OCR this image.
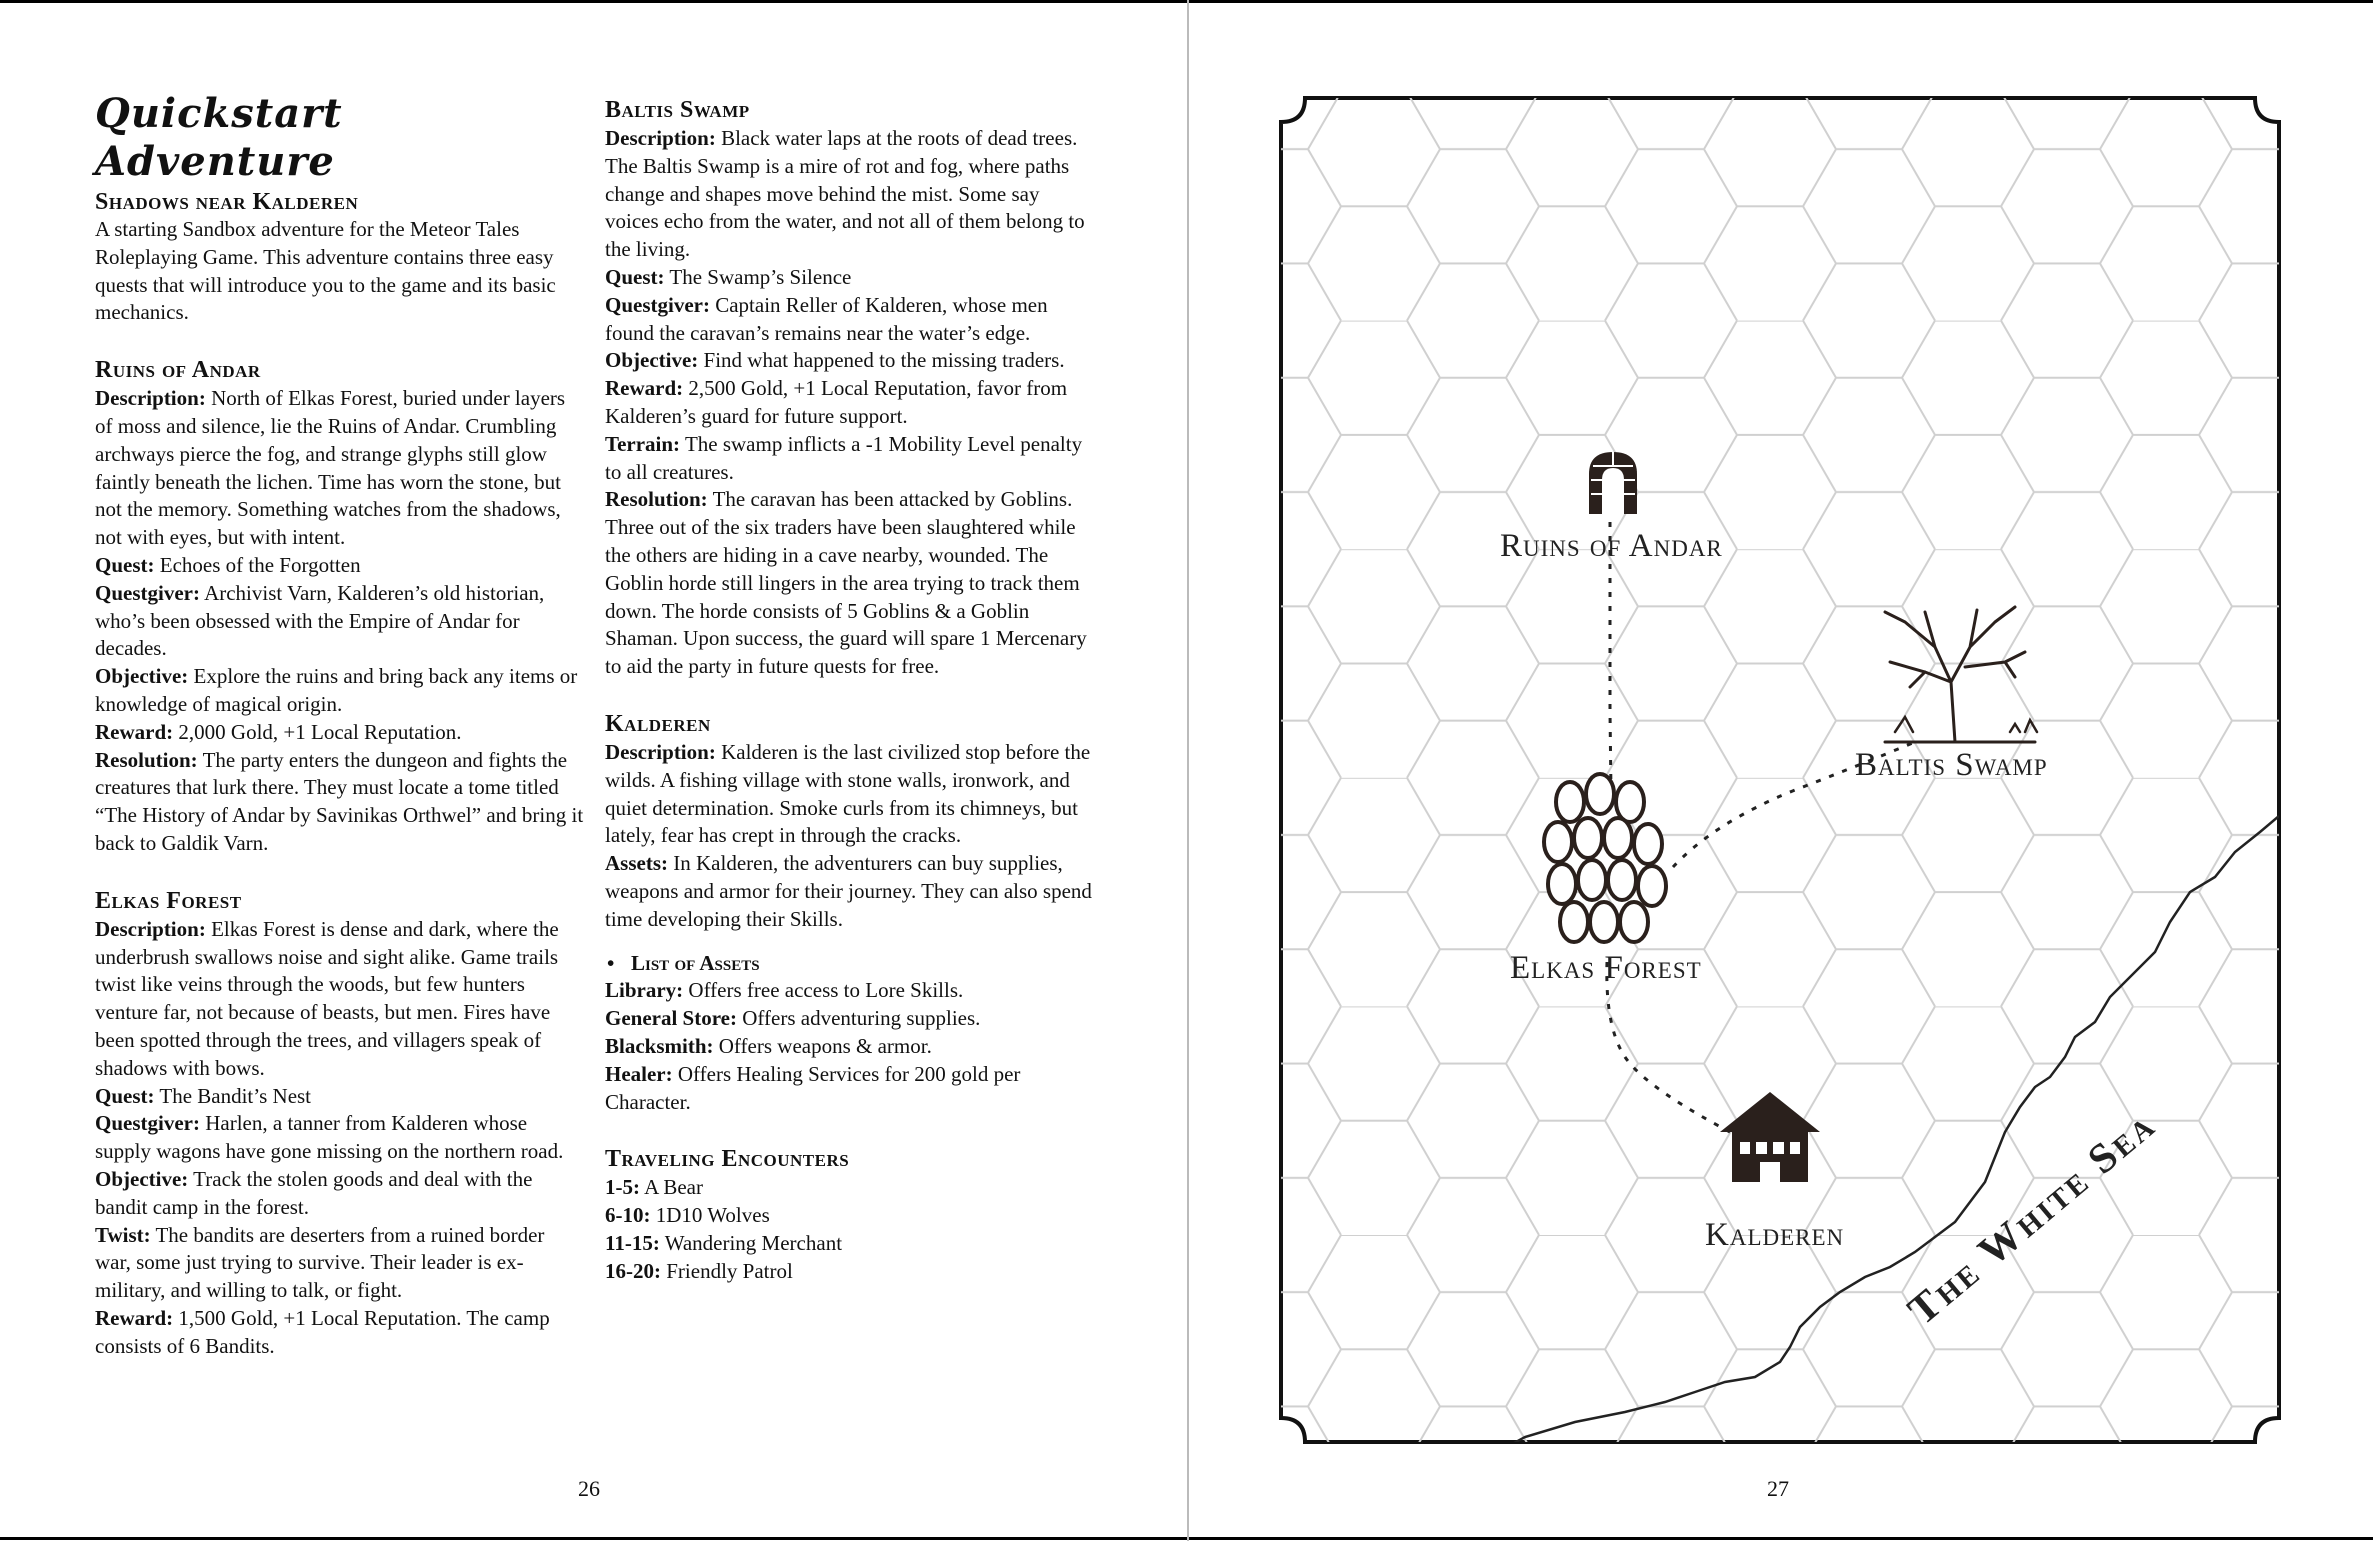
Quickstart Adventure
Shadows near Kalderen

A starting Sandbox adventure for the Meteor Tales Roleplaying Game. This adventure contains three easy quests that will introduce you to the game and its basic mechanics.

Ruins of Andar

Description: North of Elkas Forest, buried under layers of moss and silence, lie the Ruins of Andar. Crumbling archways pierce the fog, and strange glyphs still glow faintly beneath the lichen. Time has worn the stone, but not the memory. Something watches from the shadows, not with eyes, but with intent.

Quest: Echoes of the Forgotten

Questgiver: Archivist Varn, Kalderen’s old historian, who’s been obsessed with the Empire of Andar for decades.

Objective: Explore the ruins and bring back any items or knowledge of magical origin.

Reward: 2,000 Gold, +1 Local Reputation.

Resolution: The party enters the dungeon and fights the creatures that lurk there. They must locate a tome titled “The History of Andar by Savinikas Orthwel” and bring it back to Galdik Varn.

Elkas Forest

Description: Elkas Forest is dense and dark, where the underbrush swallows noise and sight alike. Game trails twist like veins through the woods, but few hunters venture far, not because of beasts, but men. Fires have been spotted through the trees, and villagers speak of shadows with bows.

Quest: The Bandit’s Nest

Questgiver: Harlen, a tanner from Kalderen whose supply wagons have gone missing on the northern road.

Objective: Track the stolen goods and deal with the bandit camp in the forest.

Twist: The bandits are deserters from a ruined border war, some just trying to survive. Their leader is ex-military, and willing to talk, or fight.

Reward: 1,500 Gold, +1 Local Reputation. The camp consists of 6 Bandits.

Baltis Swamp

Description: Black water laps at the roots of dead trees. The Baltis Swamp is a mire of rot and fog, where paths change and shapes move behind the mist. Some say voices echo from the water, and not all of them belong to the living.

Quest: The Swamp’s Silence

Questgiver: Captain Reller of Kalderen, whose men found the caravan’s remains near the water’s edge.

Objective: Find what happened to the missing traders.

Reward: 2,500 Gold, +1 Local Reputation, favor from Kalderen’s guard for future support.

Terrain: The swamp inflicts a -1 Mobility Level penalty to all creatures.

Resolution: The caravan has been attacked by Goblins. Three out of the six traders have been slaughtered while the others are hiding in a cave nearby, wounded. The Goblin horde still lingers in the area trying to track them down. The horde consists of 5 Goblins & a Goblin Shaman. Upon success, the guard will spare 1 Mercenary to aid the party in future quests for free.

Kalderen

Description: Kalderen is the last civilized stop before the wilds. A fishing village with stone walls, ironwork, and quiet determination. Smoke curls from its chimneys, but lately, fear has crept in through the cracks.

Assets: In Kalderen, the adventurers can buy supplies, weapons and armor for their journey. They can also spend time developing their Skills.

• List of Assets

Library: Offers free access to Lore Skills.

General Store: Offers adventuring supplies.

Blacksmith: Offers weapons & armor.

Healer: Offers Healing Services for 200 gold per Character.

Traveling Encounters

1-5: A Bear

6-10: 1D10 Wolves

11-15: Wandering Merchant

16-20: Friendly Patrol

26
Ruins of Andar
Baltis Swamp
Elkas Forest
Kalderen The White Sea
27
